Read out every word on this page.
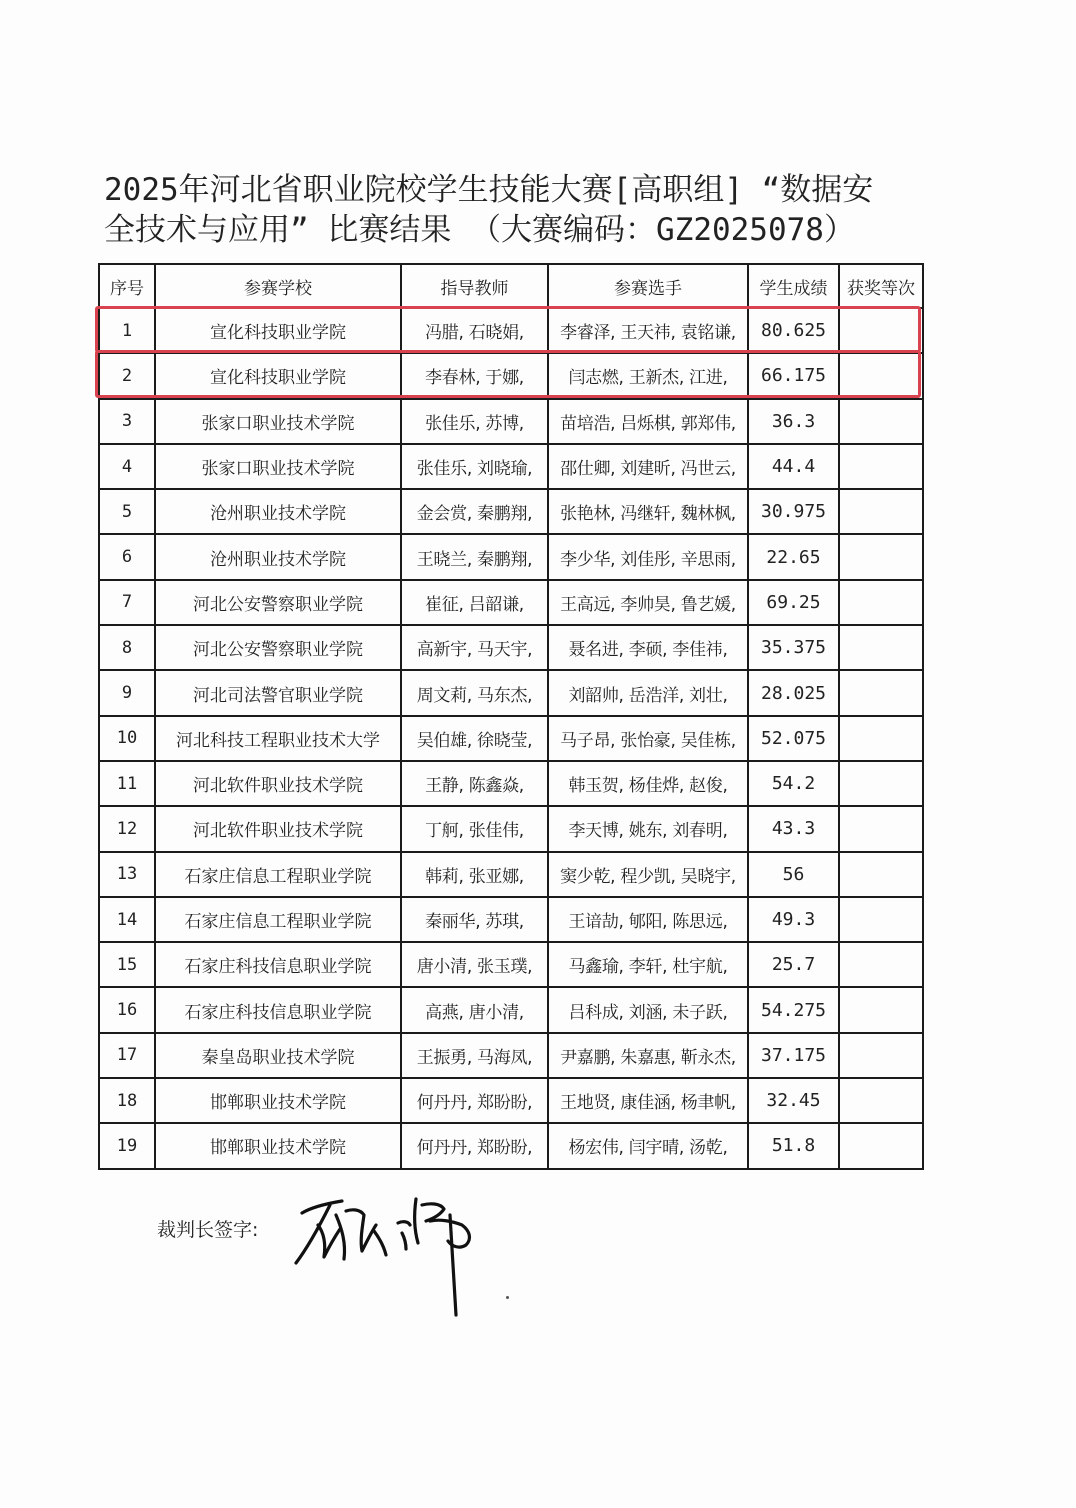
2025年河北省职业院校学生技能大赛[高职组] “数据安
全技术与应用” 比赛结果 （大赛编码：GZ2025078）
序号	参赛学校	指导教师	参赛选手	学生成绩	获奖等次
1	宣化科技职业学院	冯腊, 石晓娟,	李睿泽, 王天祎, 袁铭谦,	80.625	
2	宣化科技职业学院	李春林, 于娜,	闫志燃, 王新杰, 江进,	66.175	
3	张家口职业技术学院	张佳乐, 苏博,	苗培浩, 吕烁棋, 郭郑伟,	36.3	
4	张家口职业技术学院	张佳乐, 刘晓瑜,	邵仕卿, 刘建昕, 冯世云,	44.4	
5	沧州职业技术学院	金会赏, 秦鹏翔,	张艳林, 冯继轩, 魏林枫,	30.975	
6	沧州职业技术学院	王晓兰, 秦鹏翔,	李少华, 刘佳彤, 辛思雨,	22.65	
7	河北公安警察职业学院	崔征, 吕韶谦,	王高远, 李帅昊, 鲁艺媛,	69.25	
8	河北公安警察职业学院	高新宇, 马天宇,	聂名进, 李硕, 李佳祎,	35.375	
9	河北司法警官职业学院	周文莉, 马东杰,	刘韶帅, 岳浩洋, 刘壮,	28.025	
10	河北科技工程职业技术大学	吴伯雄, 徐晓莹,	马子昂, 张怡豪, 吴佳栋,	52.075	
11	河北软件职业技术学院	王静, 陈鑫焱,	韩玉贺, 杨佳烨, 赵俊,	54.2	
12	河北软件职业技术学院	丁舸, 张佳伟,	李天博, 姚东, 刘春明,	43.3	
13	石家庄信息工程职业学院	韩莉, 张亚娜,	窦少乾, 程少凯, 吴晓宇,	56	
14	石家庄信息工程职业学院	秦丽华, 苏琪,	王谙劼, 郇阳, 陈思远,	49.3	
15	石家庄科技信息职业学院	唐小清, 张玉璞,	马鑫瑜, 李轩, 杜宇航,	25.7	
16	石家庄科技信息职业学院	高燕, 唐小清,	吕科成, 刘涵, 未子跃,	54.275	
17	秦皇岛职业技术学院	王振勇, 马海凤,	尹嘉鹏, 朱嘉惠, 靳永杰,	37.175	
18	邯郸职业技术学院	何丹丹, 郑盼盼,	王地贤, 康佳涵, 杨聿帆,	32.45	
19	邯郸职业技术学院	何丹丹, 郑盼盼,	杨宏伟, 闫宇晴, 汤乾,	51.8	
裁判长签字:
